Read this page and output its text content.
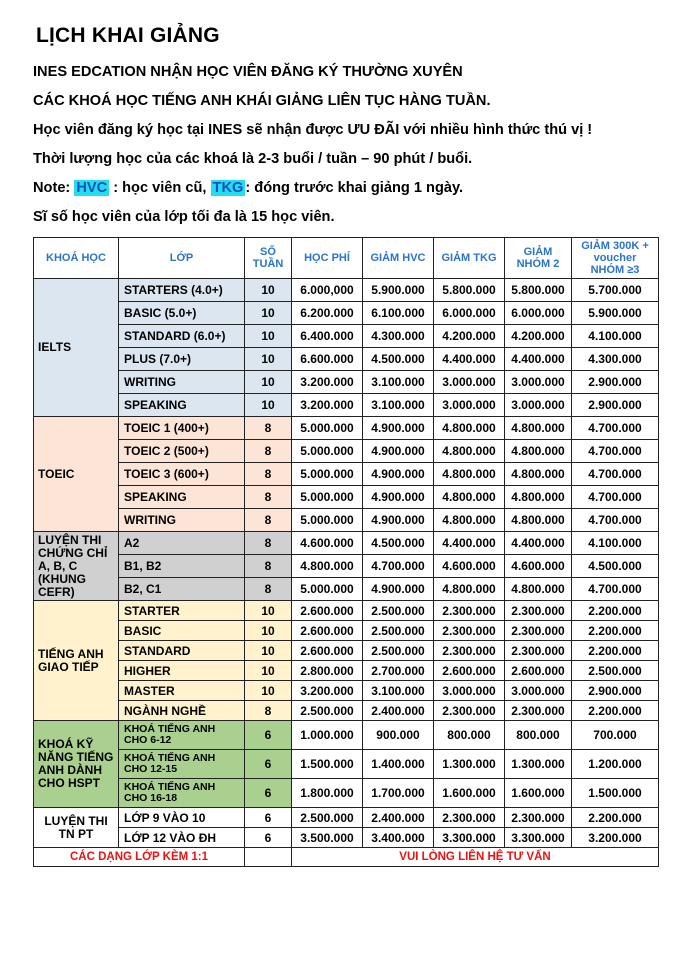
LỊCH KHAI GIẢNG
INES EDCATION NHẬN HỌC VIÊN ĐĂNG KÝ THƯỜNG XUYÊN
CÁC KHOÁ HỌC TIẾNG ANH KHÁI GIẢNG LIÊN TỤC HÀNG TUẦN.
Học viên đăng ký học tại INES sẽ nhận được ƯU ĐÃI với nhiều hình thức thú vị !
Thời lượng học của các khoá là 2-3 buổi / tuần – 90 phút / buổi.
Note: HVC : học viên cũ, TKG : đóng trước khai giảng 1 ngày.
Sĩ số học viên của lớp tối đa là 15 học viên.
KHOÁ HỌC	LỚP	SỐ TUẦN	HỌC PHÍ	GIẢM HVC	GIẢM TKG	GIẢM NHÓM 2	GIẢM 300K + voucher NHÓM ≥3
IELTS	STARTERS (4.0+)	10	6.000,000	5.900.000	5.800.000	5.800.000	5.700.000
	BASIC (5.0+)	10	6.200.000	6.100.000	6.000.000	6.000.000	5.900.000
	STANDARD (6.0+)	10	6.400.000	4.300.000	4.200.000	4.200.000	4.100.000
	PLUS (7.0+)	10	6.600.000	4.500.000	4.400.000	4.400.000	4.300.000
	WRITING	10	3.200.000	3.100.000	3.000.000	3.000.000	2.900.000
	SPEAKING	10	3.200.000	3.100.000	3.000.000	3.000.000	2.900.000
TOEIC	TOEIC 1 (400+)	8	5.000.000	4.900.000	4.800.000	4.800.000	4.700.000
	TOEIC 2 (500+)	8	5.000.000	4.900.000	4.800.000	4.800.000	4.700.000
	TOEIC 3 (600+)	8	5.000.000	4.900.000	4.800.000	4.800.000	4.700.000
	SPEAKING	8	5.000.000	4.900.000	4.800.000	4.800.000	4.700.000
	WRITING	8	5.000.000	4.900.000	4.800.000	4.800.000	4.700.000
LUYỆN THI CHỨNG CHỈ A, B, C (KHUNG CEFR)	A2	8	4.600.000	4.500.000	4.400.000	4.400.000	4.100.000
	B1, B2	8	4.800.000	4.700.000	4.600.000	4.600.000	4.500.000
	B2, C1	8	5.000.000	4.900.000	4.800.000	4.800.000	4.700.000
TIẾNG ANH GIAO TIẾP	STARTER	10	2.600.000	2.500.000	2.300.000	2.300.000	2.200.000
	BASIC	10	2.600.000	2.500.000	2.300.000	2.300.000	2.200.000
	STANDARD	10	2.600.000	2.500.000	2.300.000	2.300.000	2.200.000
	HIGHER	10	2.800.000	2.700.000	2.600.000	2.600.000	2.500.000
	MASTER	10	3.200.000	3.100.000	3.000.000	3.000.000	2.900.000
	NGÀNH NGHỀ	8	2.500.000	2.400.000	2.300.000	2.300.000	2.200.000
KHOÁ KỸ NĂNG TIẾNG ANH DÀNH CHO HSPT	KHOÁ TIẾNG ANH CHO 6-12	6	1.000.000	900.000	800.000	800.000	700.000
	KHOÁ TIẾNG ANH CHO 12-15	6	1.500.000	1.400.000	1.300.000	1.300.000	1.200.000
	KHOÁ TIẾNG ANH CHO 16-18	6	1.800.000	1.700.000	1.600.000	1.600.000	1.500.000
LUYỆN THI TN PT	LỚP 9 VÀO 10	6	2.500.000	2.400.000	2.300.000	2.300.000	2.200.000
	LỚP 12 VÀO ĐH	6	3.500.000	3.400.000	3.300.000	3.300.000	3.200.000
CÁC DẠNG LỚP KÈM 1:1			VUI LÒNG LIÊN HỆ TƯ VẤN				
